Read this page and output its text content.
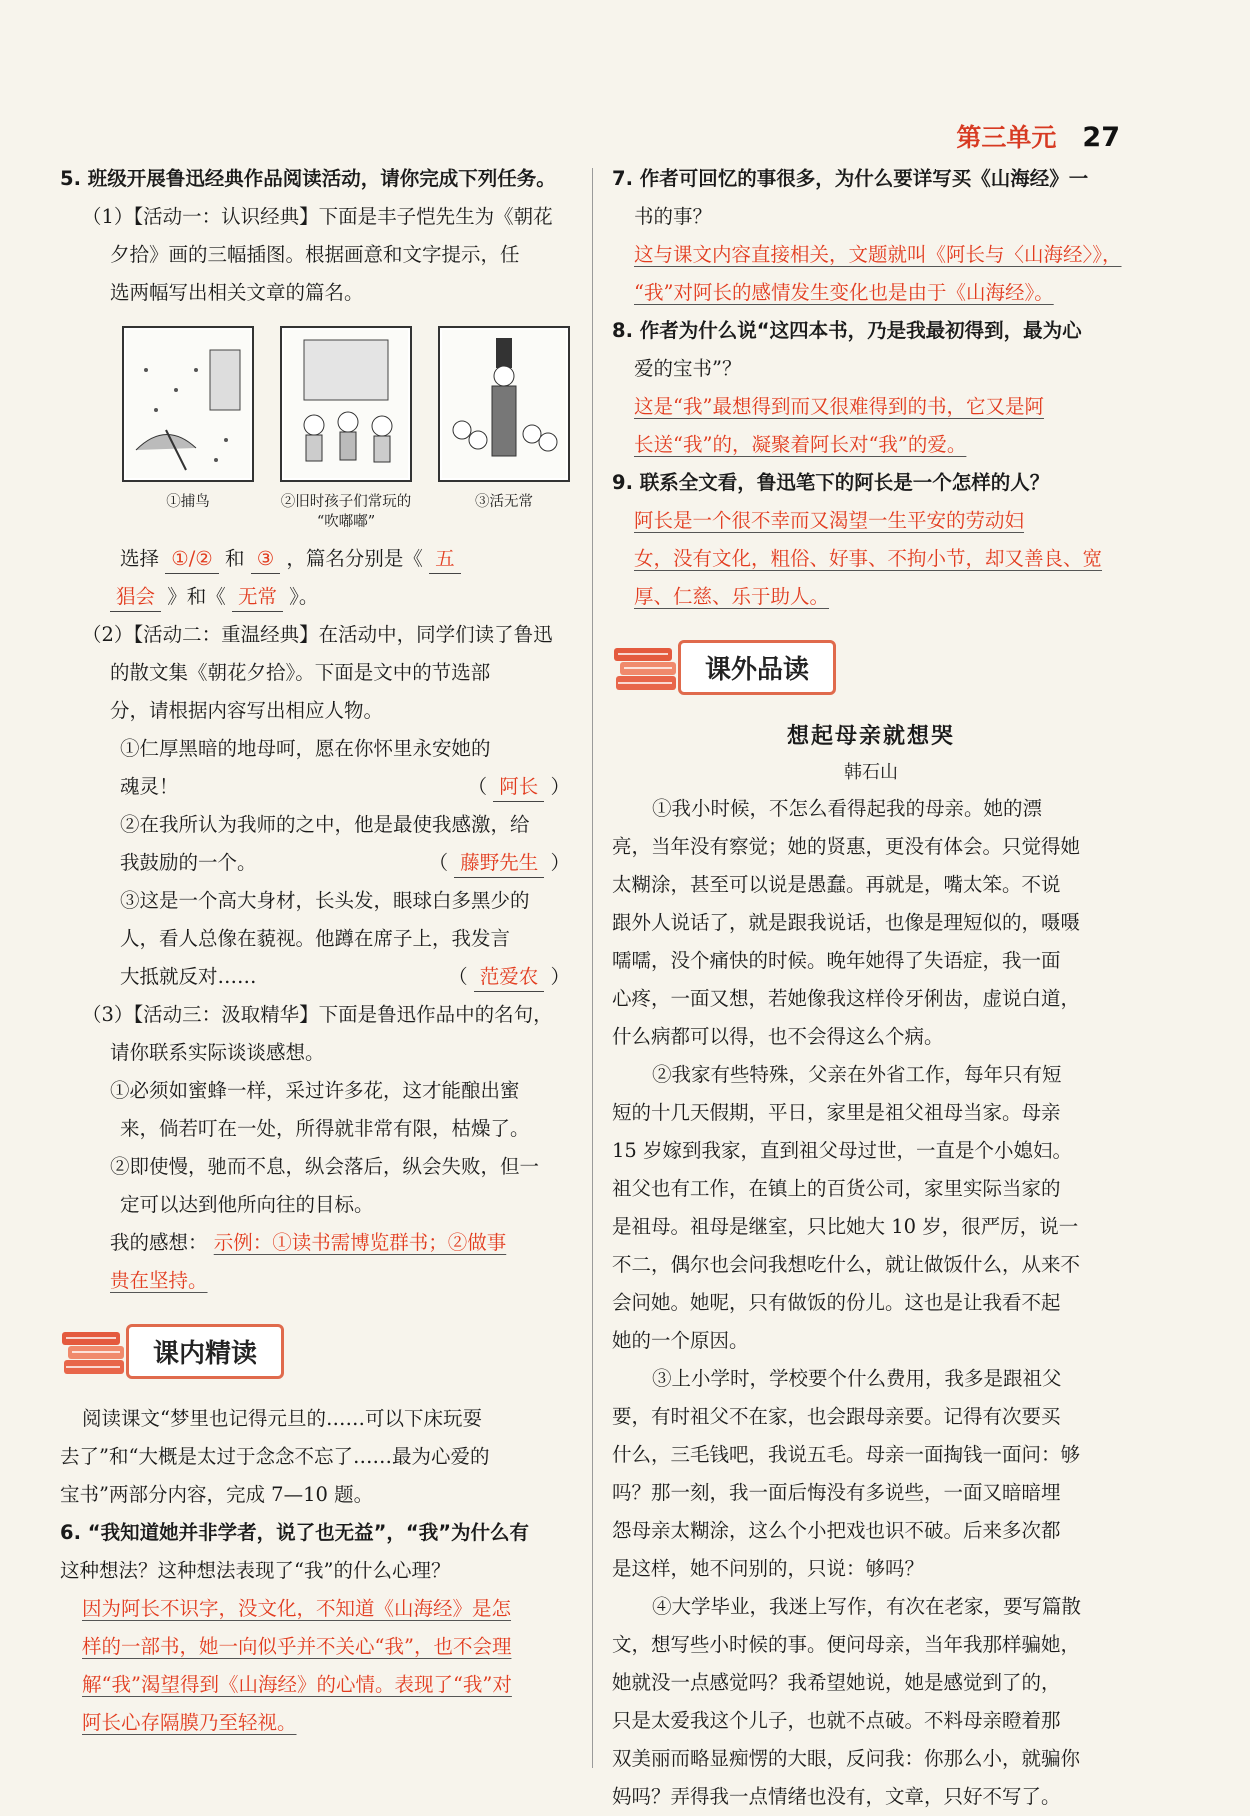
第三单元 27
5. 班级开展鲁迅经典作品阅读活动，请你完成下列任务。
（1）【活动一：认识经典】下面是丰子恺先生为《朝花
夕拾》画的三幅插图。根据画意和文字提示，任
选两幅写出相关文章的篇名。
①捕鸟	②旧时孩子们常玩的
“吹嘟嘟”
③活无常
选择 ①/② 和 ③ ，篇名分别是《 五
猖会 》和《 无常 》。
（2）【活动二：重温经典】在活动中，同学们读了鲁迅
的散文集《朝花夕拾》。下面是文中的节选部
分，请根据内容写出相应人物。
①仁厚黑暗的地母呵，愿在你怀里永安她的
魂灵！	（ 阿长 ）
②在我所认为我师的之中，他是最使我感激，给
我鼓励的一个。	（ 藤野先生 ）
③这是一个高大身材，长头发，眼球白多黑少的
人，看人总像在藐视。他蹲在席子上，我发言
大抵就反对……	（ 范爱农 ）
（3）【活动三：汲取精华】下面是鲁迅作品中的名句，
请你联系实际谈谈感想。
①必须如蜜蜂一样，采过许多花，这才能酿出蜜
来，倘若叮在一处，所得就非常有限，枯燥了。
②即使慢，驰而不息，纵会落后，纵会失败，但一
定可以达到他所向往的目标。
我的感想： 示例：①读书需博览群书；②做事
贵在坚持。
课内精读
阅读课文“梦里也记得元旦的……可以下床玩耍
去了”和“大概是太过于念念不忘了……最为心爱的
宝书”两部分内容，完成 7—10 题。
6. “我知道她并非学者，说了也无益”，“我”为什么有
这种想法？这种想法表现了“我”的什么心理？
因为阿长不识字，没文化，不知道《山海经》是怎
样的一部书，她一向似乎并不关心“我”，也不会理
解“我”渴望得到《山海经》的心情。表现了“我”对
阿长心存隔膜乃至轻视。
7. 作者可回忆的事很多，为什么要详写买《山海经》一
书的事？
这与课文内容直接相关，文题就叫《阿长与〈山海经〉》，
“我”对阿长的感情发生变化也是由于《山海经》。
8. 作者为什么说“这四本书，乃是我最初得到，最为心
爱的宝书”？
这是“我”最想得到而又很难得到的书，它又是阿
长送“我”的，凝聚着阿长对“我”的爱。
9. 联系全文看，鲁迅笔下的阿长是一个怎样的人？
阿长是一个很不幸而又渴望一生平安的劳动妇
女，没有文化，粗俗、好事、不拘小节，却又善良、宽
厚、仁慈、乐于助人。
课外品读
想起母亲就想哭
韩石山
①我小时候，不怎么看得起我的母亲。她的漂
亮，当年没有察觉；她的贤惠，更没有体会。只觉得她
太糊涂，甚至可以说是愚蠢。再就是，嘴太笨。不说
跟外人说话了，就是跟我说话，也像是理短似的，嗫嗫
嚅嚅，没个痛快的时候。晚年她得了失语症，我一面
心疼，一面又想，若她像我这样伶牙俐齿，虚说白道，
什么病都可以得，也不会得这么个病。
②我家有些特殊，父亲在外省工作，每年只有短
短的十几天假期，平日，家里是祖父祖母当家。母亲
15 岁嫁到我家，直到祖父母过世，一直是个小媳妇。
祖父也有工作，在镇上的百货公司，家里实际当家的
是祖母。祖母是继室，只比她大 10 岁，很严厉，说一
不二，偶尔也会问我想吃什么，就让做饭什么，从来不
会问她。她呢，只有做饭的份儿。这也是让我看不起
她的一个原因。
③上小学时，学校要个什么费用，我多是跟祖父
要，有时祖父不在家，也会跟母亲要。记得有次要买
什么，三毛钱吧，我说五毛。母亲一面掏钱一面问：够
吗？那一刻，我一面后悔没有多说些，一面又暗暗埋
怨母亲太糊涂，这么个小把戏也识不破。后来多次都
是这样，她不问别的，只说：够吗？
④大学毕业，我迷上写作，有次在老家，要写篇散
文，想写些小时候的事。便问母亲，当年我那样骗她，
她就没一点感觉吗？我希望她说，她是感觉到了的，
只是太爱我这个儿子，也就不点破。不料母亲瞪着那
双美丽而略显痴愣的大眼，反问我：你那么小，就骗你
妈吗？弄得我一点情绪也没有，文章，只好不写了。
